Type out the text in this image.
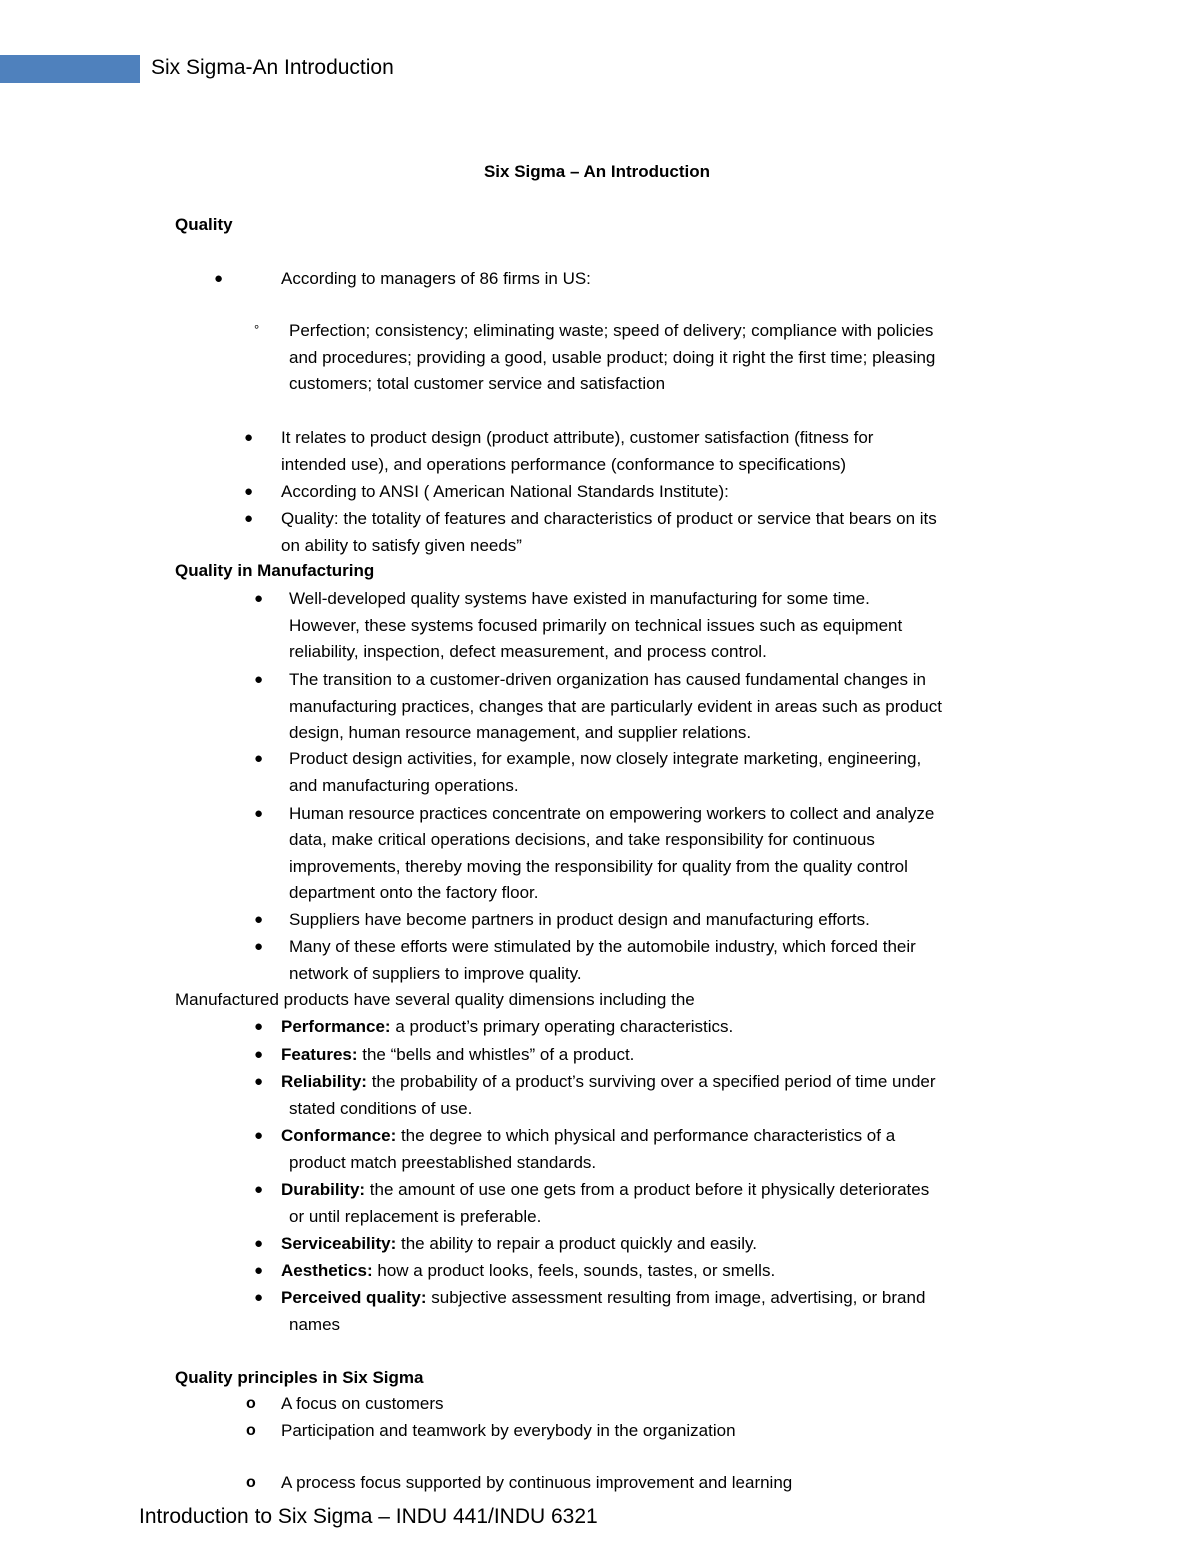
Six Sigma-An Introduction
Six Sigma – An Introduction
Quality
●	According to managers of 86 firms in US:
° Perfection; consistency; eliminating waste; speed of delivery; compliance with policies
and procedures; providing a good, usable product; doing it right the first time; pleasing
customers; total customer service and satisfaction
● It relates to product design (product attribute), customer satisfaction (fitness for
intended use), and operations performance (conformance to specifications)
● According to ANSI ( American National Standards Institute):
● Quality: the totality of features and characteristics of product or service that bears on its
on ability to satisfy given needs”
Quality in Manufacturing
● Well-developed quality systems have existed in manufacturing for some time.
However, these systems focused primarily on technical issues such as equipment
reliability, inspection, defect measurement, and process control.
● The transition to a customer-driven organization has caused fundamental changes in
manufacturing practices, changes that are particularly evident in areas such as product
design, human resource management, and supplier relations.
● Product design activities, for example, now closely integrate marketing, engineering,
and manufacturing operations.
● Human resource practices concentrate on empowering workers to collect and analyze
data, make critical operations decisions, and take responsibility for continuous
improvements, thereby moving the responsibility for quality from the quality control
department onto the factory floor.
● Suppliers have become partners in product design and manufacturing efforts.
● Many of these efforts were stimulated by the automobile industry, which forced their
network of suppliers to improve quality.
Manufactured products have several quality dimensions including the
● Performance: a product’s primary operating characteristics.
● Features: the “bells and whistles” of a product.
● Reliability: the probability of a product’s surviving over a specified period of time under
stated conditions of use.
● Conformance: the degree to which physical and performance characteristics of a
product match preestablished standards.
● Durability: the amount of use one gets from a product before it physically deteriorates
or until replacement is preferable.
● Serviceability: the ability to repair a product quickly and easily.
● Aesthetics: how a product looks, feels, sounds, tastes, or smells.
● Perceived quality: subjective assessment resulting from image, advertising, or brand
names
Quality principles in Six Sigma
o A focus on customers
o Participation and teamwork by everybody in the organization
o A process focus supported by continuous improvement and learning
Introduction to Six Sigma – INDU 441/INDU 6321
